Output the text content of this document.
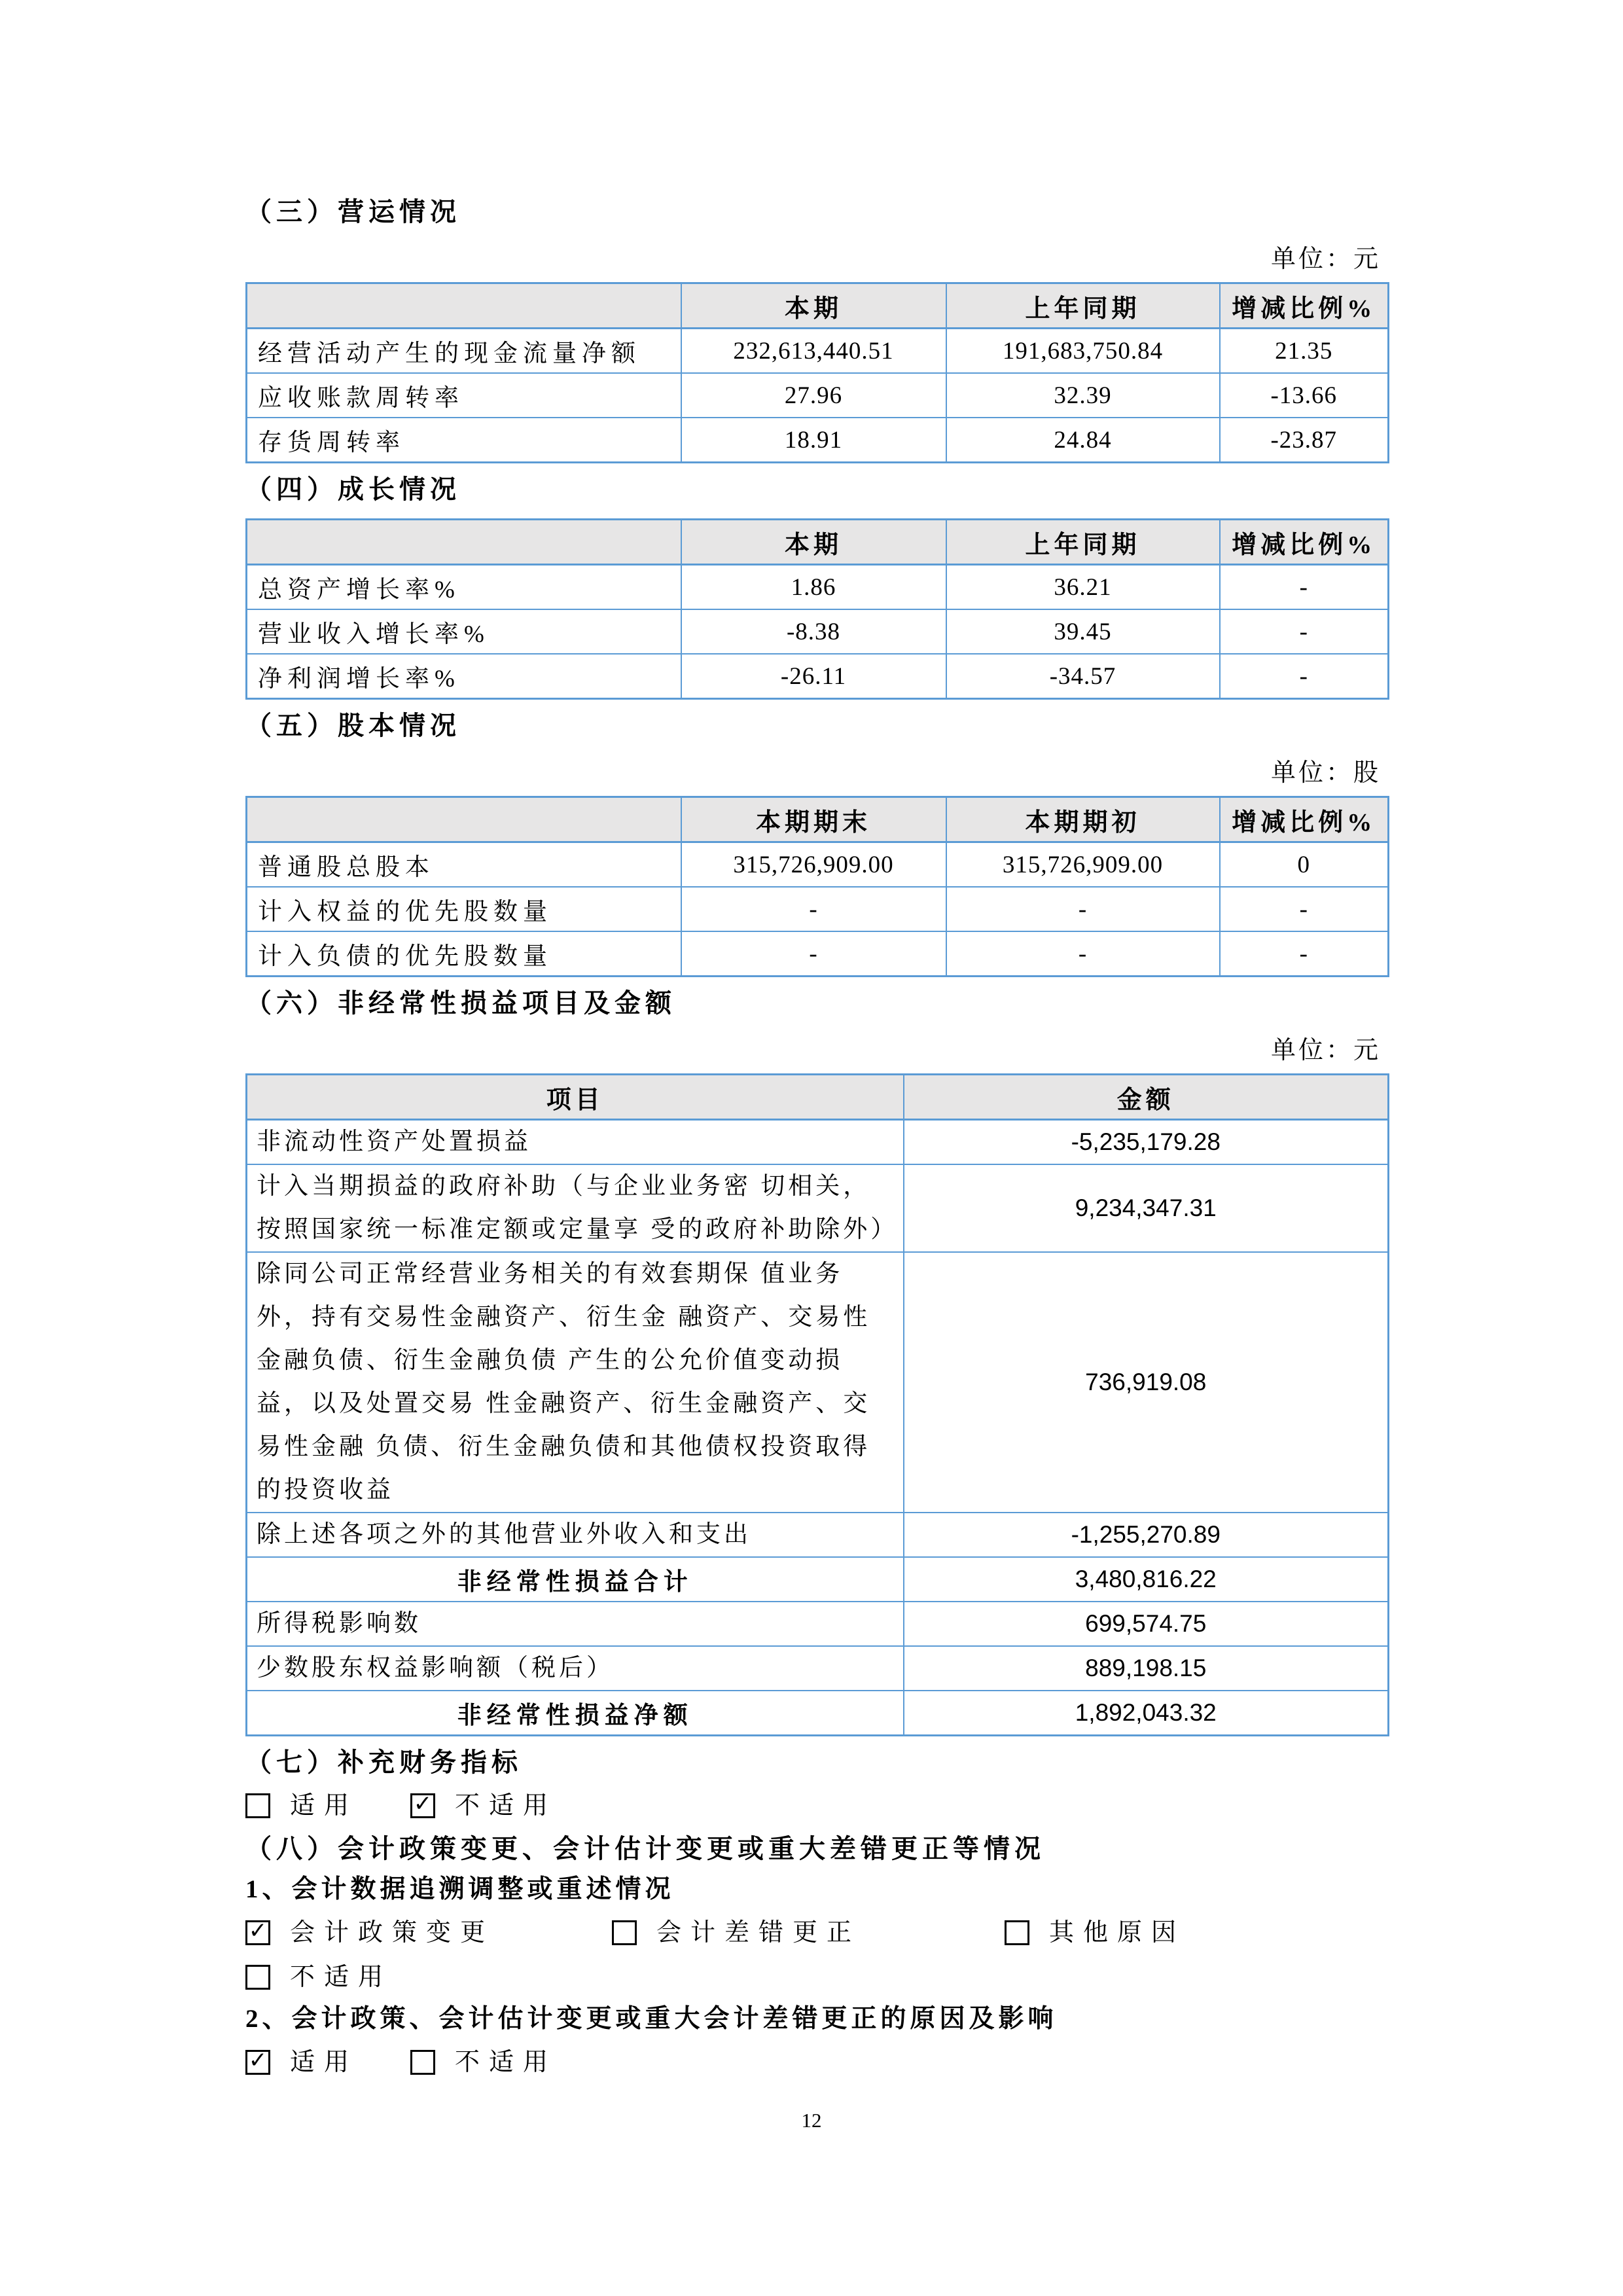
（三）营运情况
单位：元
	本期	上年同期	增减比例%
经营活动产生的现金流量净额	232,613,440.51	191,683,750.84	21.35
应收账款周转率	27.96	32.39	-13.66
存货周转率	18.91	24.84	-23.87
（四）成长情况
	本期	上年同期	增减比例%
总资产增长率%	1.86	36.21	-
营业收入增长率%	-8.38	39.45	-
净利润增长率%	-26.11	-34.57	-
（五）股本情况
单位：股
	本期期末	本期期初	增减比例%
普通股总股本	315,726,909.00	315,726,909.00	0
计入权益的优先股数量	-	-	-
计入负债的优先股数量	-	-	-
（六）非经常性损益项目及金额
单位：元
项目	金额
非流动性资产处置损益	-5,235,179.28
计入当期损益的政府补助（与企业业务密 切相关，按照国家统一标准定额或定量享 受的政府补助除外）	9,234,347.31
除同公司正常经营业务相关的有效套期保 值业务外，持有交易性金融资产、衍生金 融资产、交易性金融负债、衍生金融负债 产生的公允价值变动损益，以及处置交易 性金融资产、衍生金融资产、交易性金融 负债、衍生金融负债和其他债权投资取得的投资收益	736,919.08
除上述各项之外的其他营业外收入和支出	-1,255,270.89
非经常性损益合计	3,480,816.22
所得税影响数	699,574.75
少数股东权益影响额（税后）	889,198.15
非经常性损益净额	1,892,043.32
（七）补充财务指标
适用 ✓ 不适用
（八）会计政策变更、会计估计变更或重大差错更正等情况
1、会计数据追溯调整或重述情况
✓ 会计政策变更	会计差错更正	其他原因
不适用
2、会计政策、会计估计变更或重大会计差错更正的原因及影响
✓ 适用	不适用
12
